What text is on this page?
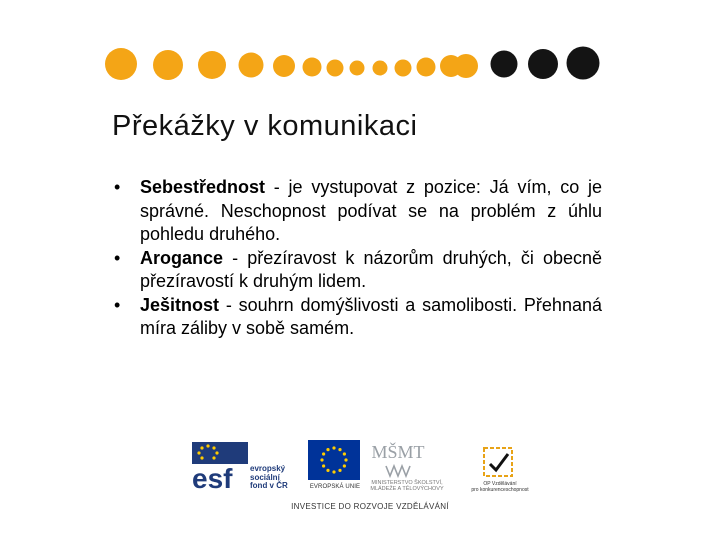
Překážky v komunikaci
• Sebestřednost - je vystupovat z pozice: Já vím, co je správné. Neschopnost podívat se na problém z úhlu pohledu druhého.
• Arogance - přezíravost k názorům druhých, či obecně přezíravostí k druhým lidem.
• Ješitnost - souhrn domýšlivosti a samolibosti. Přehnaná míra záliby v sobě samém.
esf evropský
sociální
fond v ČR	EVROPSKÁ UNIE
MŠMT
MINISTERSTVO ŠKOLSTVÍ,
MLÁDEŽE A TĚLOVÝCHOVY
OP Vzdělávání
pro konkurenceschopnost
INVESTICE DO ROZVOJE VZDĚLÁVÁNÍ
